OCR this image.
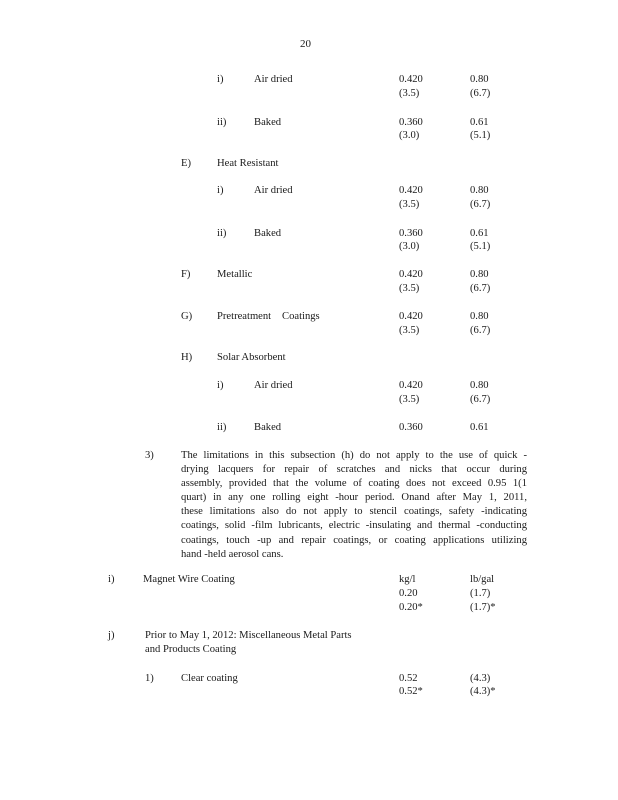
20
i)	Air dried	0.420	0.80
(3.5)	(6.7)
ii)	Baked	0.360	0.61
(3.0)	(5.1)
E) Heat Resistant
i)	Air dried	0.420	0.80
(3.5)	(6.7)
ii)	Baked	0.360	0.61
(3.0)	(5.1)
F)	Metallic	0.420	0.80
(3.5)	(6.7)
G) Pretreatment Coatings	0.420	0.80
(3.5)	(6.7)
H) Solar Absorbent
i)	Air dried	0.420	0.80
(3.5)	(6.7)
ii)	Baked	0.360	0.61
3)	The limitations in this subsection (h) do not apply to the use of quick -
drying lacquers for repair of scratches and nicks that occur during
assembly, provided that the volume of coating does not exceed 0.95 1(1
quart) in any one rolling eight -hour period. Onand after May 1, 2011,
these limitations also do not apply to stencil coatings, safety -indicating
coatings, solid -film lubricants, electric -insulating and thermal -conducting
coatings, touch -up and repair coatings, or coating applications utilizing
hand -held aerosol cans.
i)	Magnet Wire Coating	kg/l	lb/gal
0.20	(1.7)
0.20*	(1.7)*
j)	Prior to May 1, 2012: Miscellaneous Metal Parts
and Products Coating
1)	Clear coating	0.52	(4.3)
0.52*	(4.3)*
